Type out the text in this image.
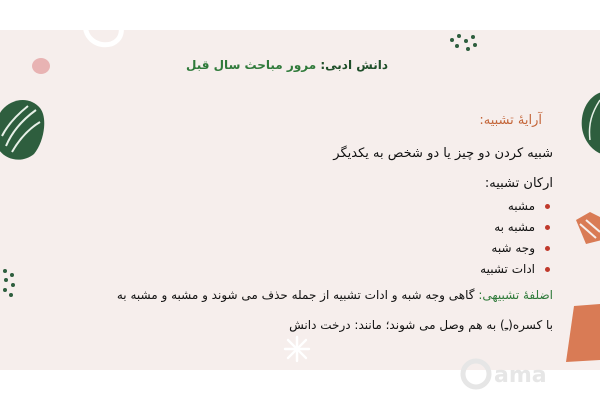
دانش ادبی: مرور مباحث سال قبل
آرایهٔ تشبیه:
شبیه کردن دو چیز یا دو شخص به یکدیگر
ارکان تشبیه:
مشبه
مشبه به
وجه شبه
ادات تشبیه
اضلفهٔ تشبیهی: گاهی وجه شبه و ادات تشبیه از جمله حذف می شوند و مشبه و مشبه به
با کسره(ـِ) به هم وصل می شوند؛ مانند: درخت دانش
ama
